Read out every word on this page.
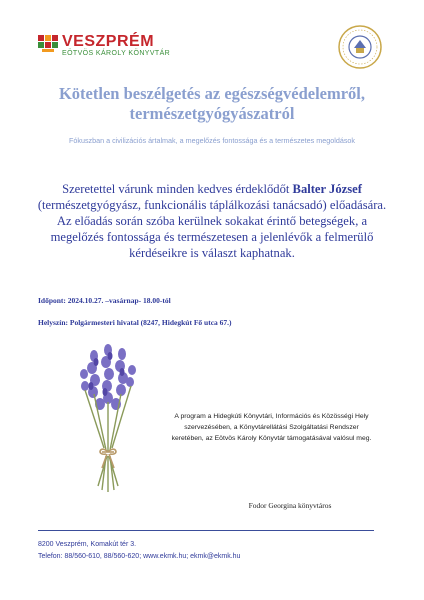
VESZPRÉM
EÖTVÖS KÁROLY KÖNYVTÁR
Kötetlen beszélgetés az egészségvédelemről,
természetgyógyászatról
Fókuszban a civilizációs ártalmak, a megelőzés fontossága és a természetes megoldások
Szeretettel várunk minden kedves érdeklődőt Balter József (természetgyógyász, funkcionális táplálkozási tanácsadó) előadására. Az előadás során szóba kerülnek sokakat érintő betegségek, a megelőzés fontossága és természetesen a jelenlévők a felmerülő kérdéseikre is választ kaphatnak.
Időpont: 2024.10.27. –vasárnap- 18.00-tól
Helyszín: Polgármesteri hivatal (8247, Hidegkút Fő utca 67.)
A program a Hidegkúti Könyvtári, Információs és Közösségi Hely
szervezésében, a Könyvtárellátási Szolgáltatási Rendszer
keretében, az Eötvös Károly Könyvtár támogatásával valósul meg.
Fodor Georgina könyvtáros
8200 Veszprém, Komakút tér 3.
Telefon: 88/560-610, 88/560-620; www.ekmk.hu; ekmk@ekmk.hu
